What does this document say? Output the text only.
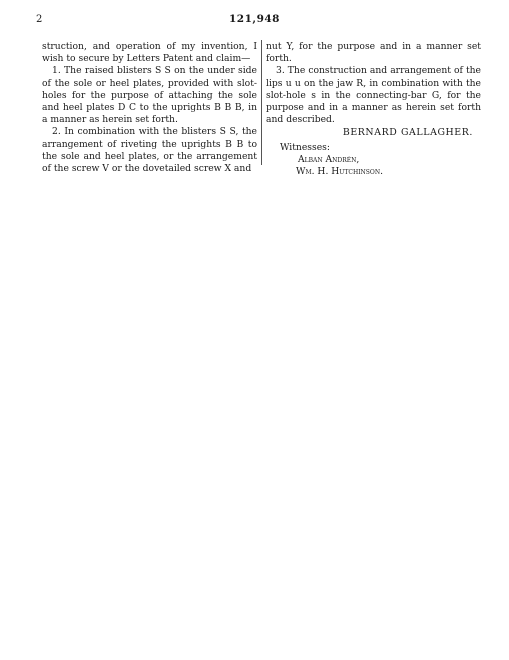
2	121,948

struction, and operation of my invention, I wish to secure by Letters Patent and claim—

1. The raised blisters S S on the under side of the sole or heel plates, provided with slot-holes for the purpose of attaching the sole and heel plates D C to the uprights B B B, in a manner as herein set forth.

2. In combination with the blisters S S, the arrangement of riveting the uprights B B to the sole and heel plates, or the arrangement of the screw V or the dovetailed screw X and

nut Y, for the purpose and in a manner set forth.

3. The construction and arrangement of the lips u u on the jaw R, in combination with the slot-hole s in the connecting-bar G, for the purpose and in a manner as herein set forth and described.

BERNARD GALLAGHER.
Witnesses:
Alban Andrén,
Wm. H. Hutchinson.
